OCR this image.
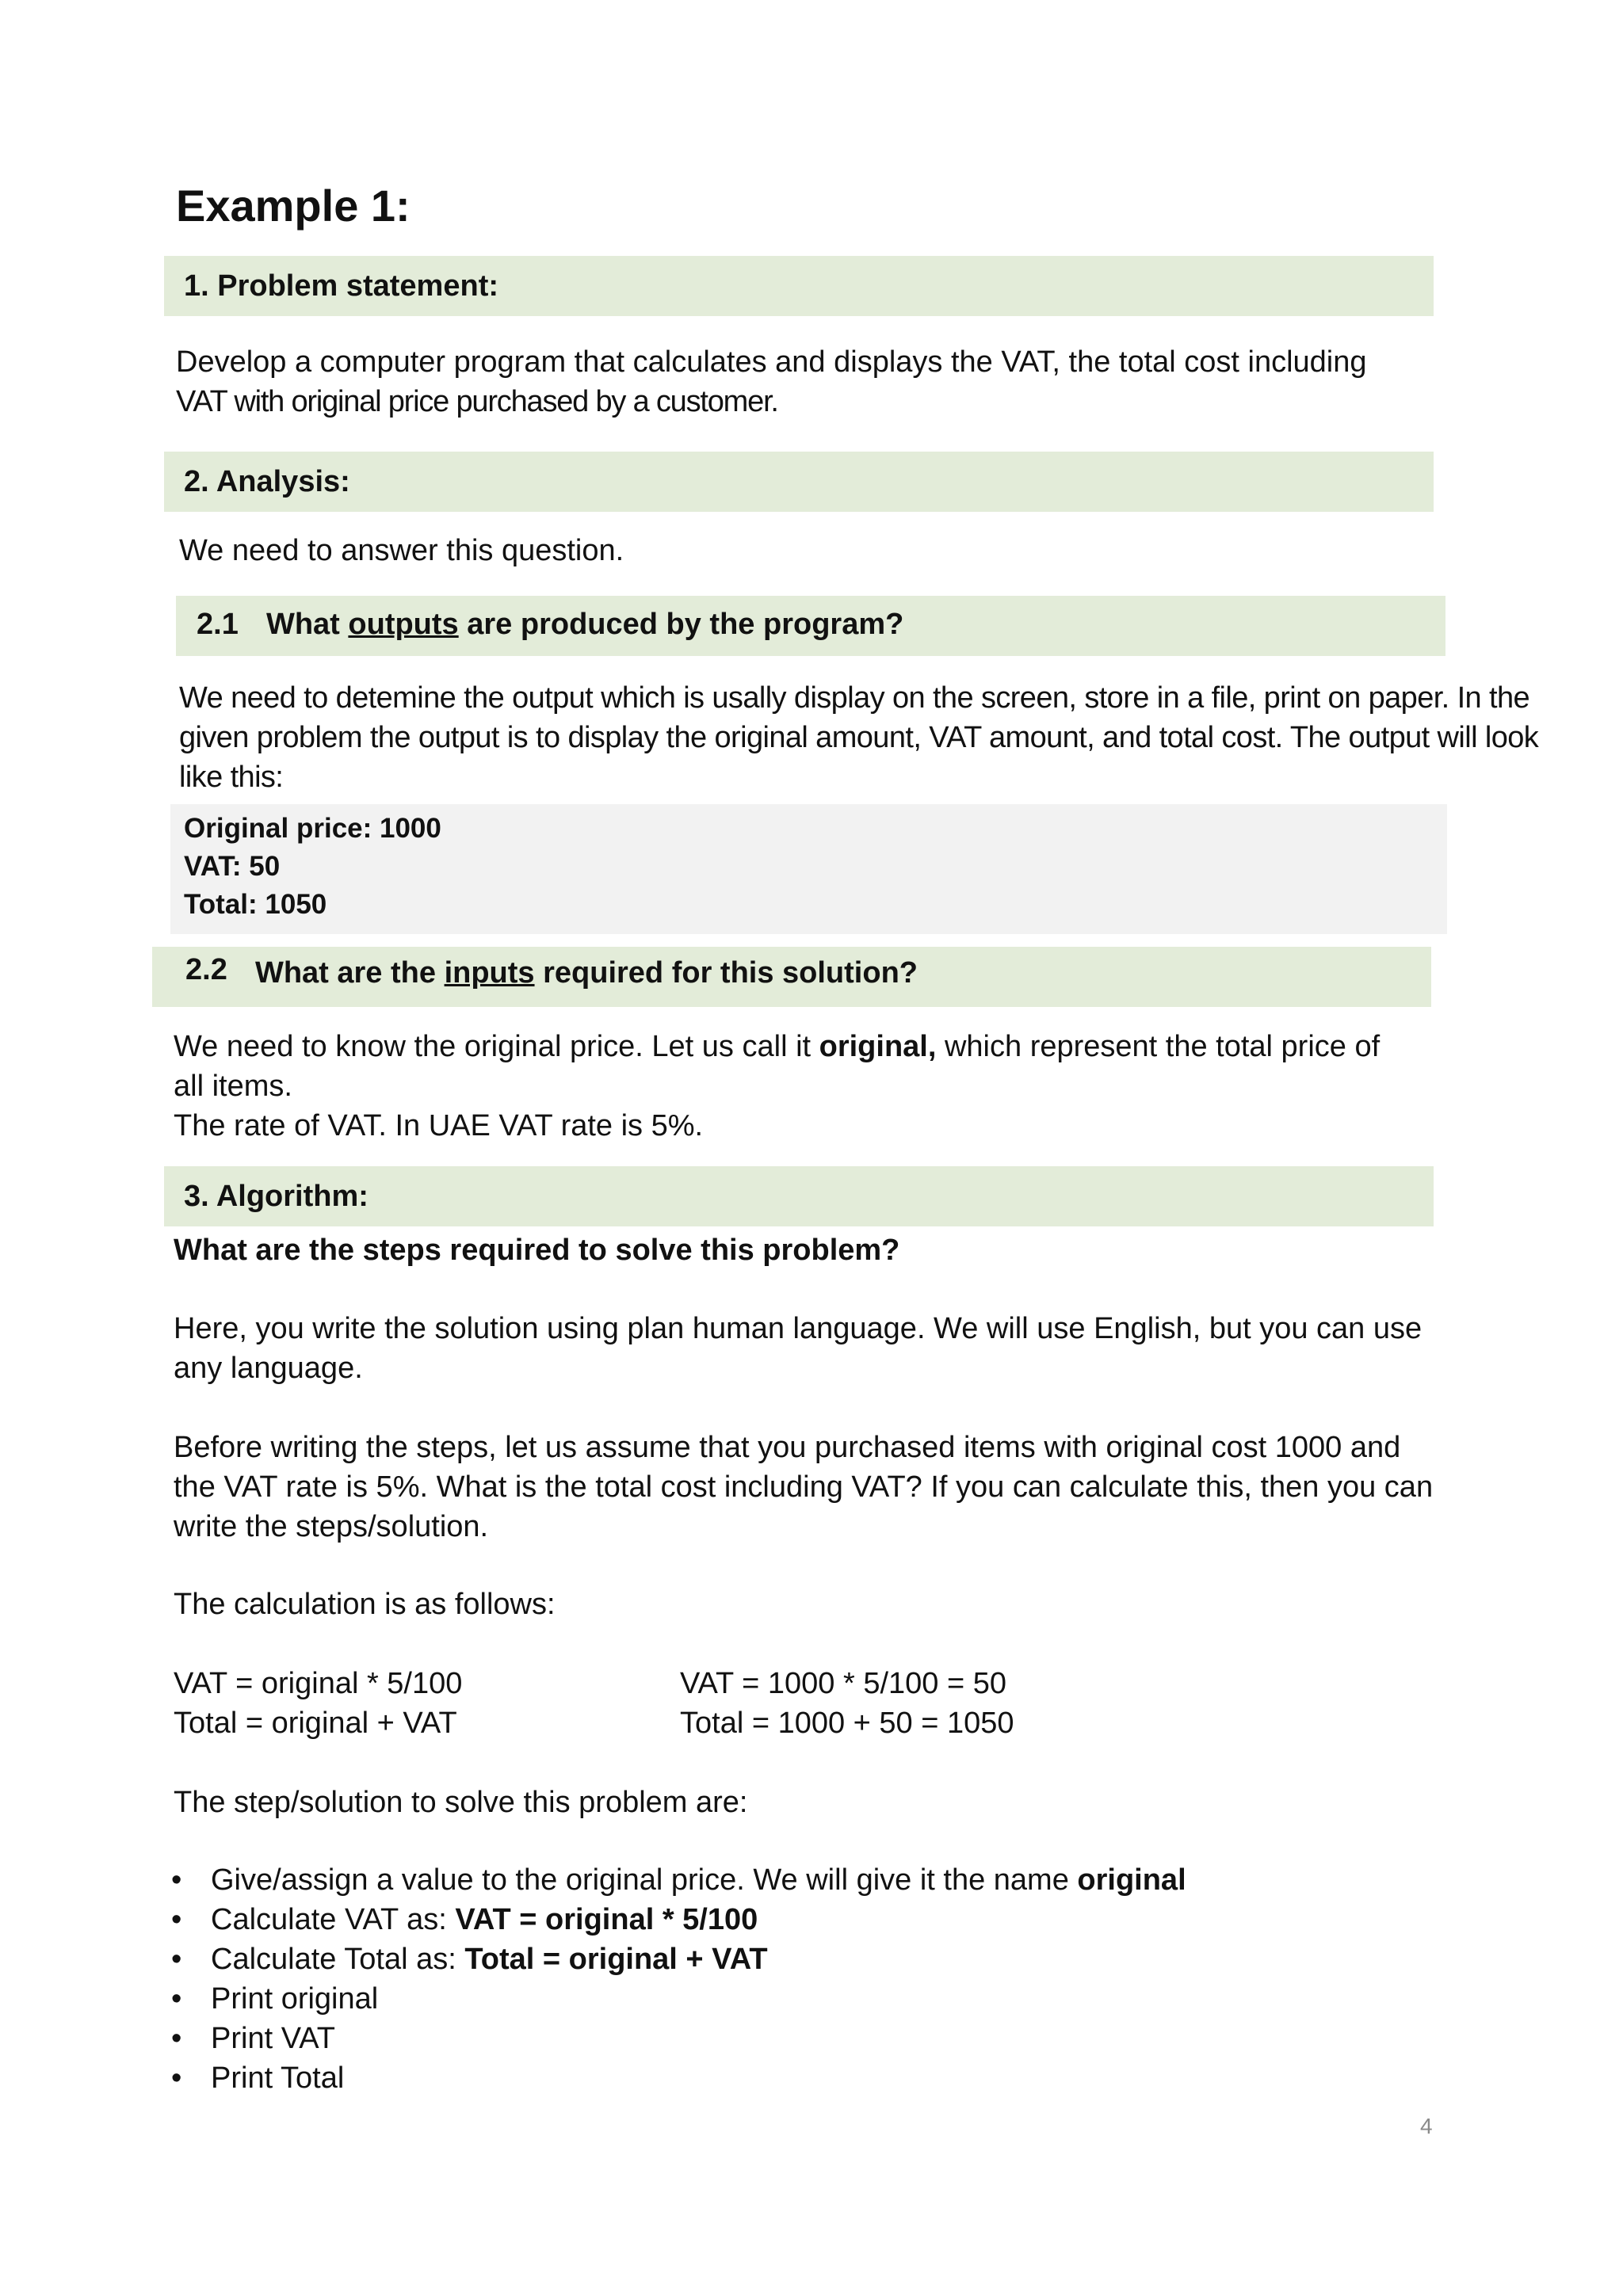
Example 1:
1. Problem statement:
Develop a computer program that calculates and displays the VAT, the total cost including
VAT with original price purchased by a customer.
2. Analysis:
We need to answer this question.
2.1 What outputs are produced by the program?
We need to detemine the output which is usally display on the screen, store in a file, print on paper. In the
given problem the output is to display the original amount, VAT amount, and total cost. The output will look
like this:
Original price: 1000
VAT: 50
Total: 1050
2.2 What are the inputs required for this solution?
We need to know the original price. Let us call it original, which represent the total price of
all items.
The rate of VAT. In UAE VAT rate is 5%.
3. Algorithm:
What are the steps required to solve this problem?
Here, you write the solution using plan human language. We will use English, but you can use
any language.
Before writing the steps, let us assume that you purchased items with original cost 1000 and
the VAT rate is 5%. What is the total cost including VAT? If you can calculate this, then you can
write the steps/solution.
The calculation is as follows:
VAT = original * 5/100
Total = original + VAT
VAT = 1000 * 5/100 = 50
Total = 1000 + 50 = 1050
The step/solution to solve this problem are:
• Give/assign a value to the original price. We will give it the name original
• Calculate VAT as: VAT = original * 5/100
• Calculate Total as: Total = original + VAT
• Print original
• Print VAT
• Print Total
4
